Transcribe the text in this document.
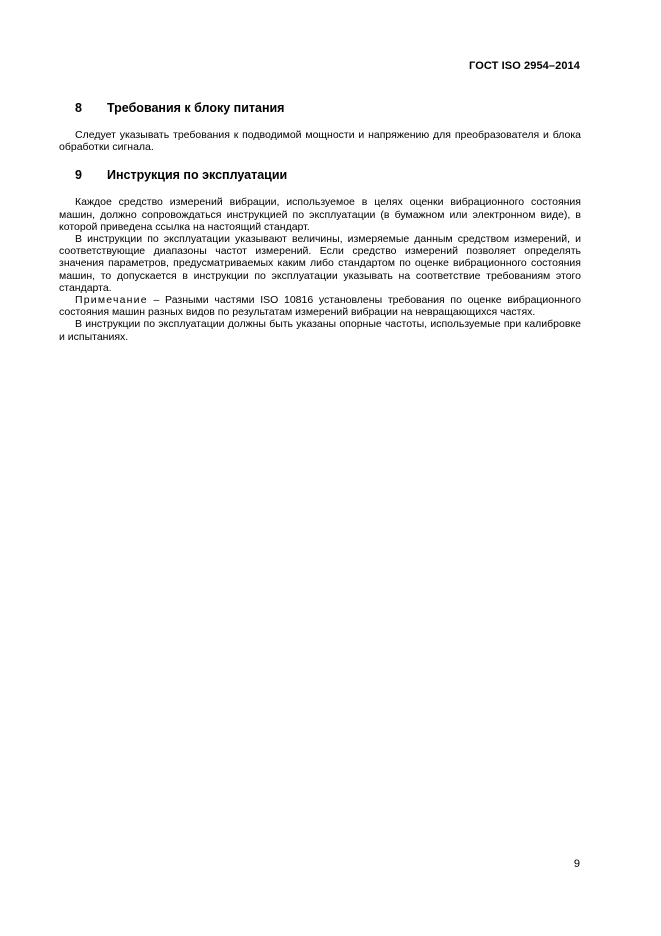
ГОСТ ISO 2954–2014
8	Требования к блоку питания

Следует указывать требования к подводимой мощности и напряжению для преобразователя и блока обработки сигнала.

9	Инструкция по эксплуатации

Каждое средство измерений вибрации, используемое в целях оценки вибрационного состояния машин, должно сопровождаться инструкцией по эксплуатации (в бумажном или электронном виде), в которой приведена ссылка на настоящий стандарт.

В инструкции по эксплуатации указывают величины, измеряемые данным средством измерений, и соответствующие диапазоны частот измерений. Если средство измерений позволяет определять значения параметров, предусматриваемых каким либо стандартом по оценке вибрационного состояния машин, то допускается в инструкции по эксплуатации указывать на соответствие требованиям этого стандарта.

Примечание – Разными частями ISO 10816 установлены требования по оценке вибрационного состояния машин разных видов по результатам измерений вибрации на невращающихся частях.

В инструкции по эксплуатации должны быть указаны опорные частоты, используемые при калибровке и испытаниях.

9
